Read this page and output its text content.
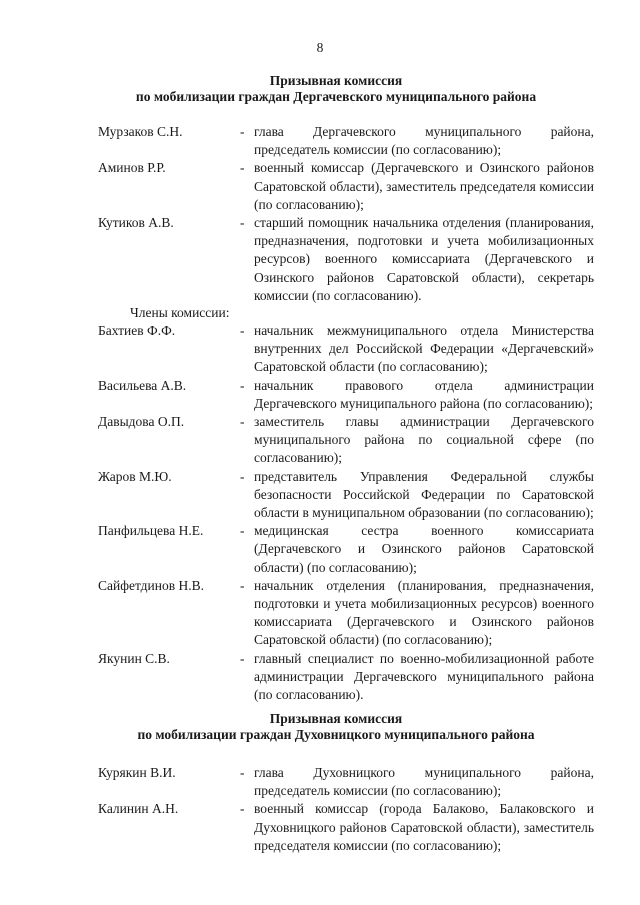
8
Призывная комиссия
по мобилизации граждан Дергачевского муниципального района
Мурзаков С.Н.	- глава Дергачевского муниципального района, председатель комиссии (по согласованию);
Аминов Р.Р.	- военный комиссар (Дергачевского и Озинского районов Саратовской области), заместитель председателя комиссии (по согласованию);
Кутиков А.В.	- старший помощник начальника отделения (планирования, предназначения, подготовки и учета мобилизационных ресурсов) военного комиссариата (Дергачевского и Озинского районов Саратовской области), секретарь комиссии (по согласованию).
Члены комиссии:
Бахтиев Ф.Ф.	- начальник межмуниципального отдела Министерства внутренних дел Российской Федерации «Дергачевский» Саратовской области (по согласованию);
Васильева А.В.	- начальник правового отдела администрации Дергачевского муниципального района (по согласованию);
Давыдова О.П.	- заместитель главы администрации Дергачевского муниципального района по социальной сфере (по согласованию);
Жаров М.Ю.	- представитель Управления Федеральной службы безопасности Российской Федерации по Саратовской области в муниципальном образовании (по согласованию);
Панфильцева Н.Е.	- медицинская сестра военного комиссариата (Дергачевского и Озинского районов Саратовской области) (по согласованию);
Сайфетдинов Н.В.	- начальник отделения (планирования, предназначения, подготовки и учета мобилизационных ресурсов) военного комиссариата (Дергачевского и Озинского районов Саратовской области) (по согласованию);
Якунин С.В.	- главный специалист по военно-мобилизационной работе администрации Дергачевского муниципального района (по согласованию).
Призывная комиссия
по мобилизации граждан Духовницкого муниципального района
Курякин В.И.	- глава Духовницкого муниципального района, председатель комиссии (по согласованию);
Калинин А.Н.	- военный комиссар (города Балаково, Балаковского и Духовницкого районов Саратовской области), заместитель председателя комиссии (по согласованию);
